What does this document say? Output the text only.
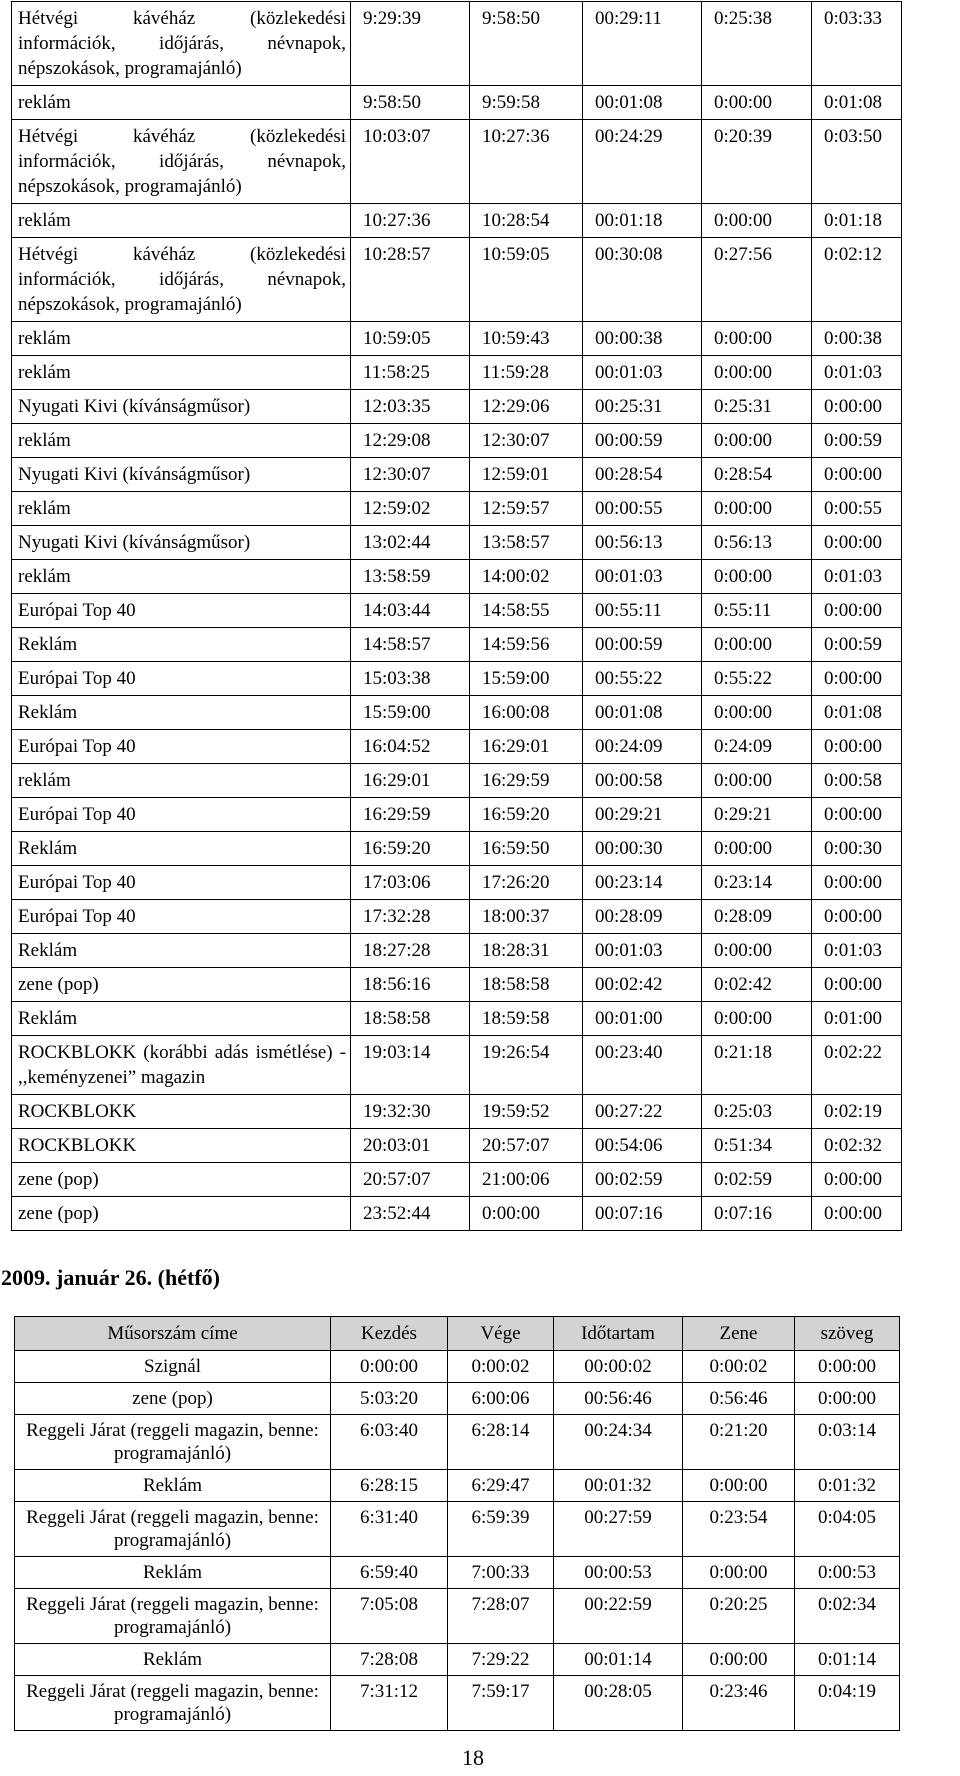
Hétvégi kávéház (közlekedési információk, időjárás, névnapok, népszokások, programajánló)	9:29:39	9:58:50	00:29:11	0:25:38	0:03:33
reklám	9:58:50	9:59:58	00:01:08	0:00:00	0:01:08
Hétvégi kávéház (közlekedési információk, időjárás, névnapok, népszokások, programajánló)	10:03:07	10:27:36	00:24:29	0:20:39	0:03:50
reklám	10:27:36	10:28:54	00:01:18	0:00:00	0:01:18
Hétvégi kávéház (közlekedési információk, időjárás, névnapok, népszokások, programajánló)	10:28:57	10:59:05	00:30:08	0:27:56	0:02:12
reklám	10:59:05	10:59:43	00:00:38	0:00:00	0:00:38
reklám	11:58:25	11:59:28	00:01:03	0:00:00	0:01:03
Nyugati Kivi (kívánságműsor)	12:03:35	12:29:06	00:25:31	0:25:31	0:00:00
reklám	12:29:08	12:30:07	00:00:59	0:00:00	0:00:59
Nyugati Kivi (kívánságműsor)	12:30:07	12:59:01	00:28:54	0:28:54	0:00:00
reklám	12:59:02	12:59:57	00:00:55	0:00:00	0:00:55
Nyugati Kivi (kívánságműsor)	13:02:44	13:58:57	00:56:13	0:56:13	0:00:00
reklám	13:58:59	14:00:02	00:01:03	0:00:00	0:01:03
Európai Top 40	14:03:44	14:58:55	00:55:11	0:55:11	0:00:00
Reklám	14:58:57	14:59:56	00:00:59	0:00:00	0:00:59
Európai Top 40	15:03:38	15:59:00	00:55:22	0:55:22	0:00:00
Reklám	15:59:00	16:00:08	00:01:08	0:00:00	0:01:08
Európai Top 40	16:04:52	16:29:01	00:24:09	0:24:09	0:00:00
reklám	16:29:01	16:29:59	00:00:58	0:00:00	0:00:58
Európai Top 40	16:29:59	16:59:20	00:29:21	0:29:21	0:00:00
Reklám	16:59:20	16:59:50	00:00:30	0:00:00	0:00:30
Európai Top 40	17:03:06	17:26:20	00:23:14	0:23:14	0:00:00
Európai Top 40	17:32:28	18:00:37	00:28:09	0:28:09	0:00:00
Reklám	18:27:28	18:28:31	00:01:03	0:00:00	0:01:03
zene (pop)	18:56:16	18:58:58	00:02:42	0:02:42	0:00:00
Reklám	18:58:58	18:59:58	00:01:00	0:00:00	0:01:00
ROCKBLOKK (korábbi adás ismétlése) - ,,keményzenei” magazin	19:03:14	19:26:54	00:23:40	0:21:18	0:02:22
ROCKBLOKK	19:32:30	19:59:52	00:27:22	0:25:03	0:02:19
ROCKBLOKK	20:03:01	20:57:07	00:54:06	0:51:34	0:02:32
zene (pop)	20:57:07	21:00:06	00:02:59	0:02:59	0:00:00
zene (pop)	23:52:44	0:00:00	00:07:16	0:07:16	0:00:00
2009. január 26. (hétfő)
Műsorszám címe	Kezdés	Vége	Időtartam	Zene	szöveg
Szignál	0:00:00	0:00:02	00:00:02	0:00:02	0:00:00
zene (pop)	5:03:20	6:00:06	00:56:46	0:56:46	0:00:00
Reggeli Járat (reggeli magazin, benne: programajánló)	6:03:40	6:28:14	00:24:34	0:21:20	0:03:14
Reklám	6:28:15	6:29:47	00:01:32	0:00:00	0:01:32
Reggeli Járat (reggeli magazin, benne: programajánló)	6:31:40	6:59:39	00:27:59	0:23:54	0:04:05
Reklám	6:59:40	7:00:33	00:00:53	0:00:00	0:00:53
Reggeli Járat (reggeli magazin, benne: programajánló)	7:05:08	7:28:07	00:22:59	0:20:25	0:02:34
Reklám	7:28:08	7:29:22	00:01:14	0:00:00	0:01:14
Reggeli Járat (reggeli magazin, benne: programajánló)	7:31:12	7:59:17	00:28:05	0:23:46	0:04:19
18
